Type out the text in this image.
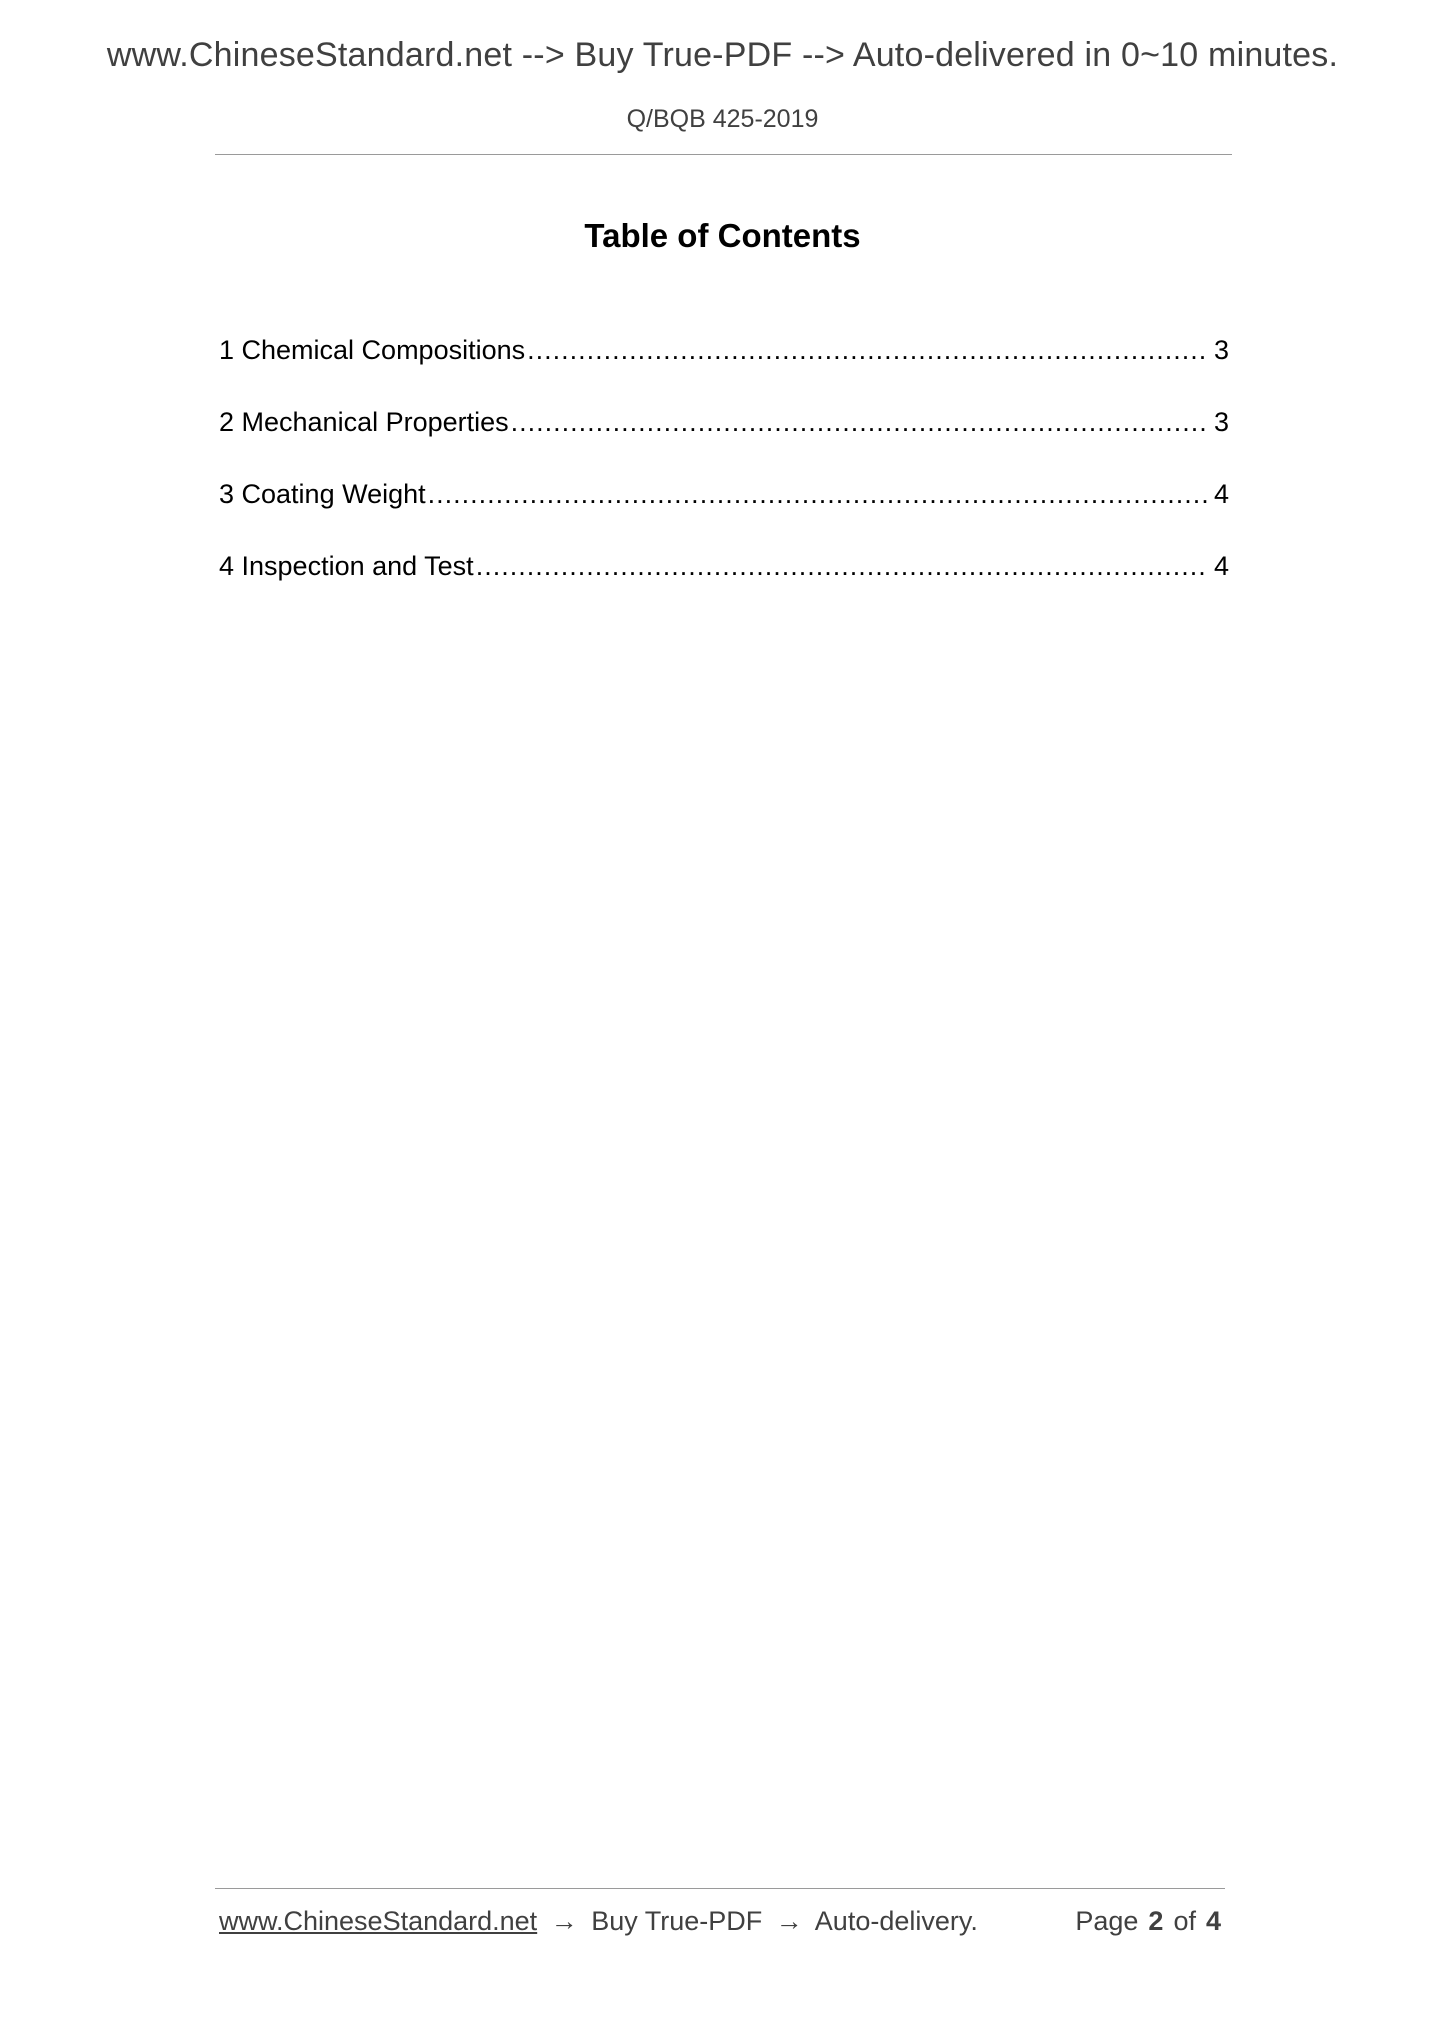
www.ChineseStandard.net --> Buy True-PDF --> Auto-delivered in 0~10 minutes.
Q/BQB 425-2019
Table of Contents
1 Chemical Compositions .....	3
2 Mechanical Properties .....	3
3 Coating Weight .....	4
4 Inspection and Test .....	4
www.ChineseStandard.net → Buy True-PDF → Auto-delivery.	Page 2 of 4
